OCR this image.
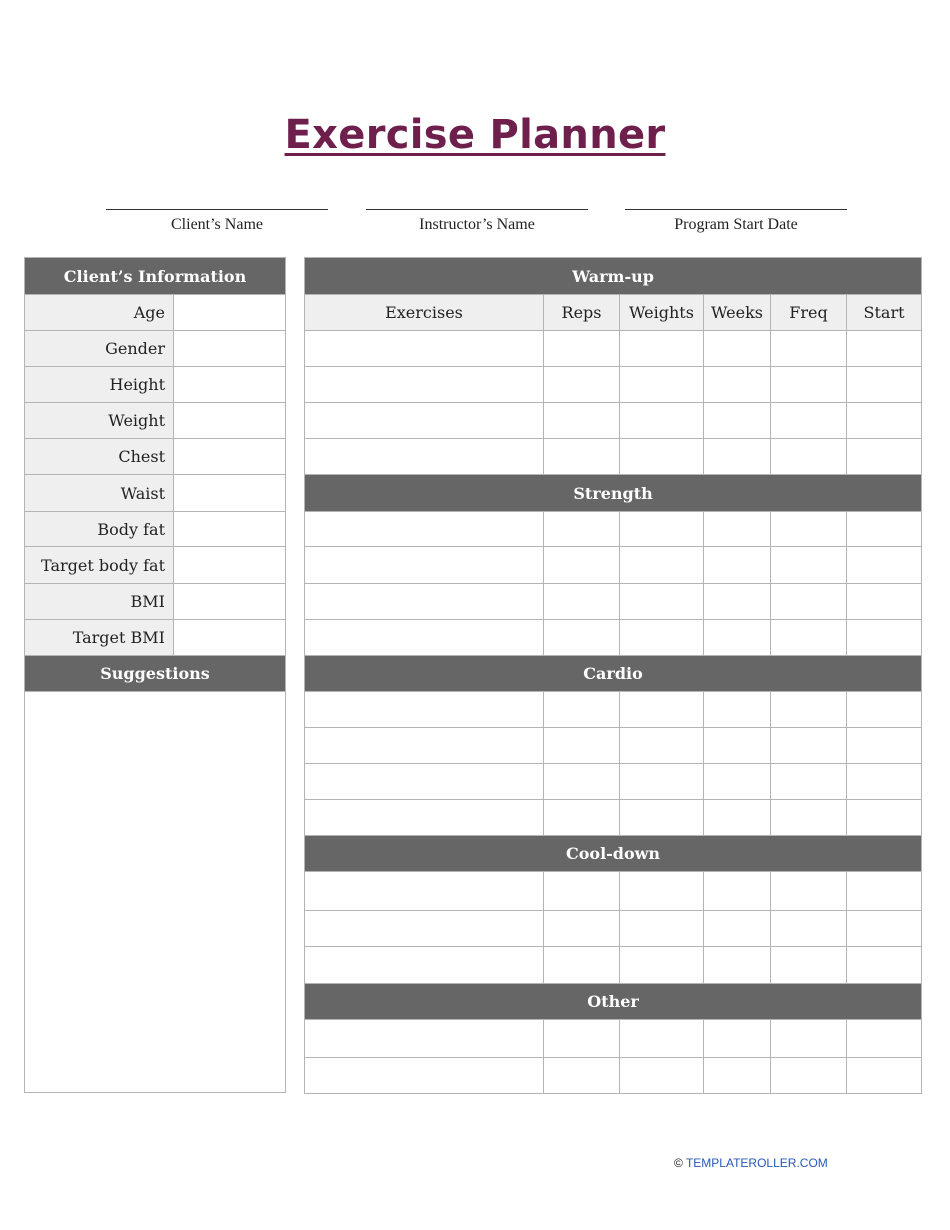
Exercise Planner
Client’s Name	Instructor’s Name	Program Start Date
Client’s Information	
Age	
Gender	
Height	
Weight	
Chest	
Waist	
Body fat	
Target body fat	
BMI	
Target BMI	
Suggestions	

Warm-up					
Exercises	Reps	Weights	Weeks	Freq	Start

Strength					

Cardio					

Cool-down					

Other					

© TEMPLATEROLLER.COM
